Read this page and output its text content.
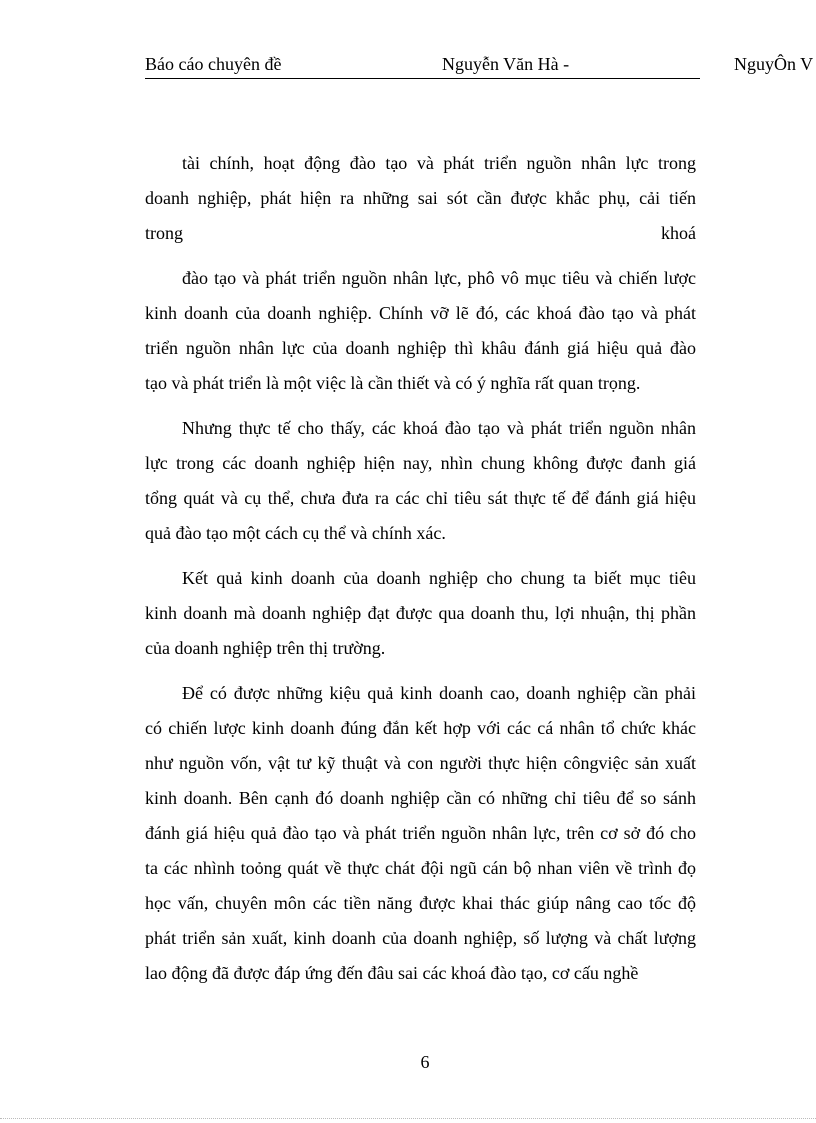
Báo cáo chuyên đề	Nguyễn Văn Hà -	NguyÔn V

tài chính, hoạt động đào tạo và phát triển nguồn nhân lực trong
doanh nghiệp, phát hiện ra những sai sót cần được khắc phụ, cải tiến
trong	khoá

đào tạo và phát triển nguồn nhân lực, phô vô mục tiêu và chiến lược
kinh doanh của doanh nghiệp. Chính vỡ lẽ đó, các khoá đào tạo và phát
triển nguồn nhân lực của doanh nghiệp thì khâu đánh giá hiệu quả đào
tạo và phát triển là một việc là cần thiết và có ý nghĩa rất quan trọng.

Nhưng thực tế cho thấy, các khoá đào tạo và phát triển nguồn nhân
lực trong các doanh nghiệp hiện nay, nhìn chung không được đanh giá
tổng quát và cụ thể, chưa đưa ra các chỉ tiêu sát thực tế để đánh giá hiệu
quả đào tạo một cách cụ thể và chính xác.

Kết quả kinh doanh của doanh nghiệp cho chung ta biết mục tiêu
kinh doanh mà doanh nghiệp đạt được qua doanh thu, lợi nhuận, thị phần
của doanh nghiệp trên thị trường.

Để có được những kiệu quả kinh doanh cao, doanh nghiệp cần phải
có chiến lược kinh doanh đúng đắn kết hợp với các cá nhân tổ chức khác
như nguồn vốn, vật tư kỹ thuật và con người thực hiện côngviệc sản xuất
kinh doanh. Bên cạnh đó doanh nghiệp cần có những chỉ tiêu để so sánh
đánh giá hiệu quả đào tạo và phát triển nguồn nhân lực, trên cơ sở đó cho
ta các nhình toỏng quát về thực chát đội ngũ cán bộ nhan viên về trình đọ
học vấn, chuyên môn các tiền năng được khai thác giúp nâng cao tốc độ
phát triển sản xuất, kinh doanh của doanh nghiệp, số lượng và chất lượng
lao động đã được đáp ứng đến đâu sai các khoá đào tạo, cơ cấu nghề

6
